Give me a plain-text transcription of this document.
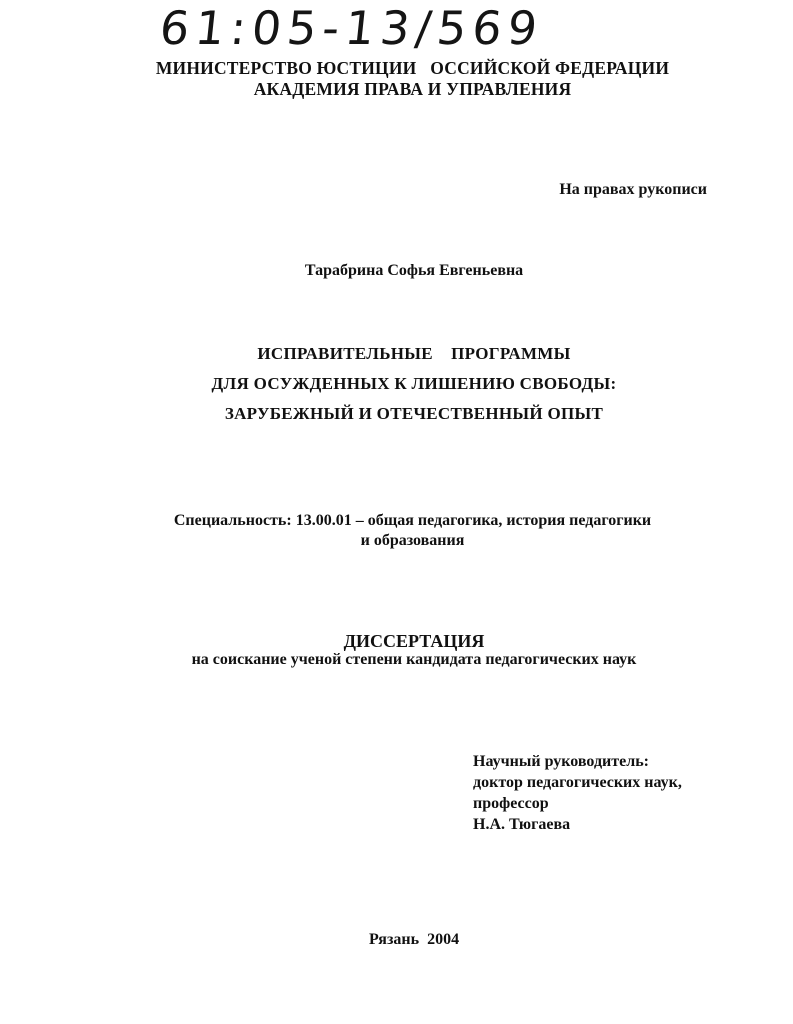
61:05-13/569
МИНИСТЕРСТВО ЮСТИЦИИ   ОССИЙСКОЙ ФЕДЕРАЦИИ
АКАДЕМИЯ ПРАВА И УПРАВЛЕНИЯ
На правах рукописи
Тарабрина Софья Евгеньевна
ИСПРАВИТЕЛЬНЫЕ    ПРОГРАММЫ
ДЛЯ ОСУЖДЕННЫХ К ЛИШЕНИЮ СВОБОДЫ:
ЗАРУБЕЖНЫЙ И ОТЕЧЕСТВЕННЫЙ ОПЫТ
Специальность: 13.00.01 – общая педагогика, история педагогики
и образования
ДИССЕРТАЦИЯ
на соискание ученой степени кандидата педагогических наук
Научный руководитель:
доктор педагогических наук,
профессор
Н.А. Тюгаева
Рязань  2004
